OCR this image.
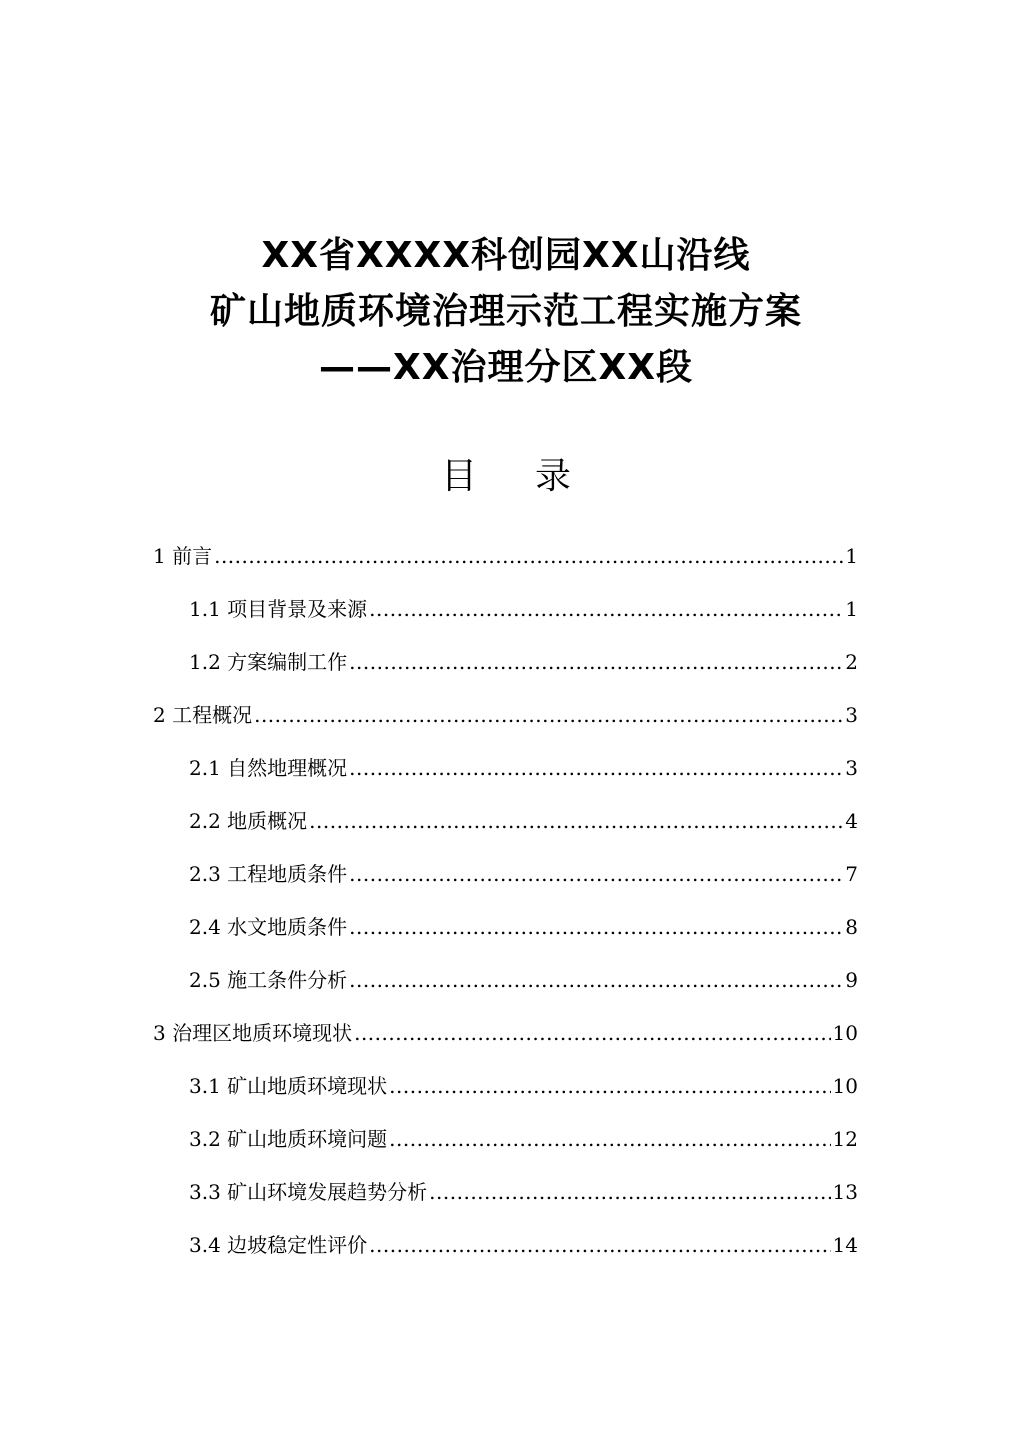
XX省XXXX科创园XX山沿线
矿山地质环境治理示范工程实施方案
——XX治理分区XX段
目 录
1 前言 .....	1
1.1 项目背景及来源 .....	1
1.2 方案编制工作 .....	2
2 工程概况 .....	3
2.1 自然地理概况 .....	3
2.2 地质概况 .....	4
2.3 工程地质条件 .....	7
2.4 水文地质条件 .....	8
2.5 施工条件分析 .....	9
3 治理区地质环境现状 .....	10
3.1 矿山地质环境现状 .....	10
3.2 矿山地质环境问题 .....	12
3.3 矿山环境发展趋势分析 .....	13
3.4 边坡稳定性评价 .....	14
